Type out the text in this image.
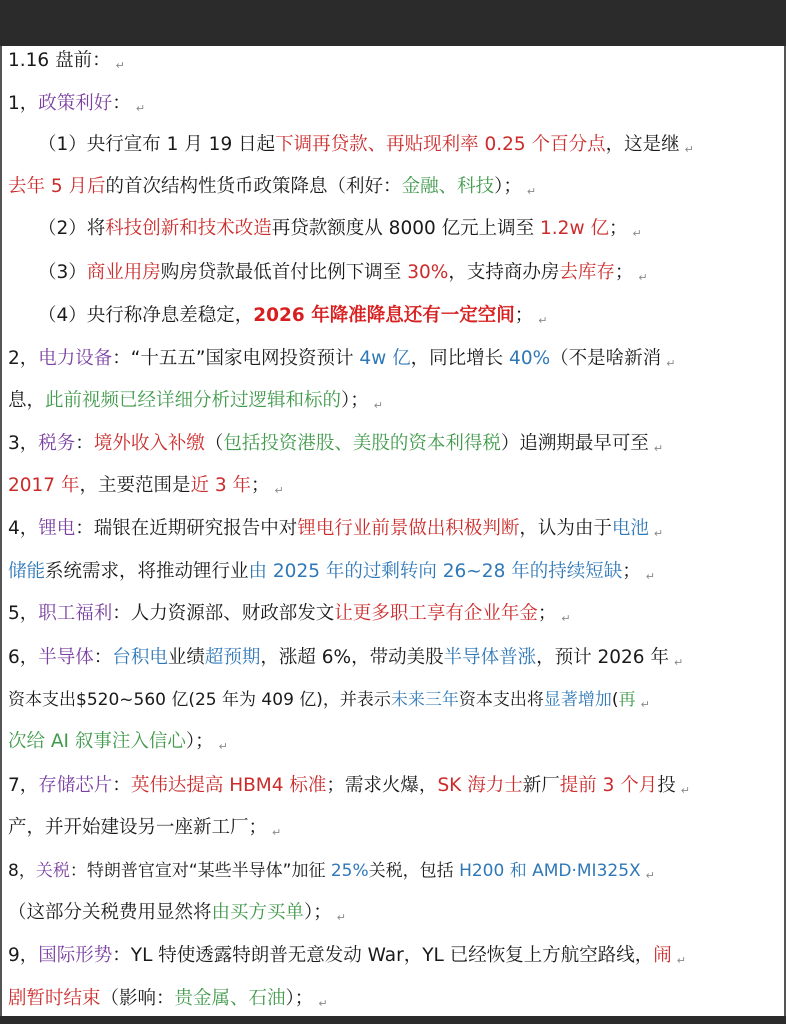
1.16 盘前： ↵
1，政策利好： ↵
（1）央行宣布 1 月 19 日起下调再贷款、再贴现利率 0.25 个百分点，这是继 ↵
去年 5 月后的首次结构性货币政策降息（利好：金融、科技）； ↵
（2）将科技创新和技术改造再贷款额度从 8000 亿元上调至 1.2w 亿； ↵
（3）商业用房购房贷款最低首付比例下调至 30%，支持商办房去库存； ↵
（4）央行称净息差稳定，2026 年降准降息还有一定空间； ↵
2，电力设备：“十五五”国家电网投资预计 4w 亿，同比增长 40%（不是啥新消 ↵
息，此前视频已经详细分析过逻辑和标的）； ↵
3，税务：境外收入补缴（包括投资港股、美股的资本利得税）追溯期最早可至 ↵
2017 年，主要范围是近 3 年； ↵
4，锂电：瑞银在近期研究报告中对锂电行业前景做出积极判断，认为由于电池 ↵
储能系统需求，将推动锂行业由 2025 年的过剩转向 26~28 年的持续短缺； ↵
5，职工福利：人力资源部、财政部发文让更多职工享有企业年金； ↵
6，半导体：台积电业绩超预期，涨超 6%，带动美股半导体普涨，预计 2026 年 ↵
资本支出$520~560 亿(25 年为 409 亿)，并表示未来三年资本支出将显著增加(再 ↵
次给 AI 叙事注入信心）； ↵
7，存储芯片：英伟达提高 HBM4 标准；需求火爆，SK 海力士新厂提前 3 个月投 ↵
产，并开始建设另一座新工厂； ↵
8，关税：特朗普官宣对“某些半导体”加征 25%关税，包括 H200 和 AMD·MI325X ↵
（这部分关税费用显然将由买方买单）； ↵
9，国际形势：YL 特使透露特朗普无意发动 War，YL 已经恢复上方航空路线，闹 ↵
剧暂时结束（影响：贵金属、石油）； ↵
